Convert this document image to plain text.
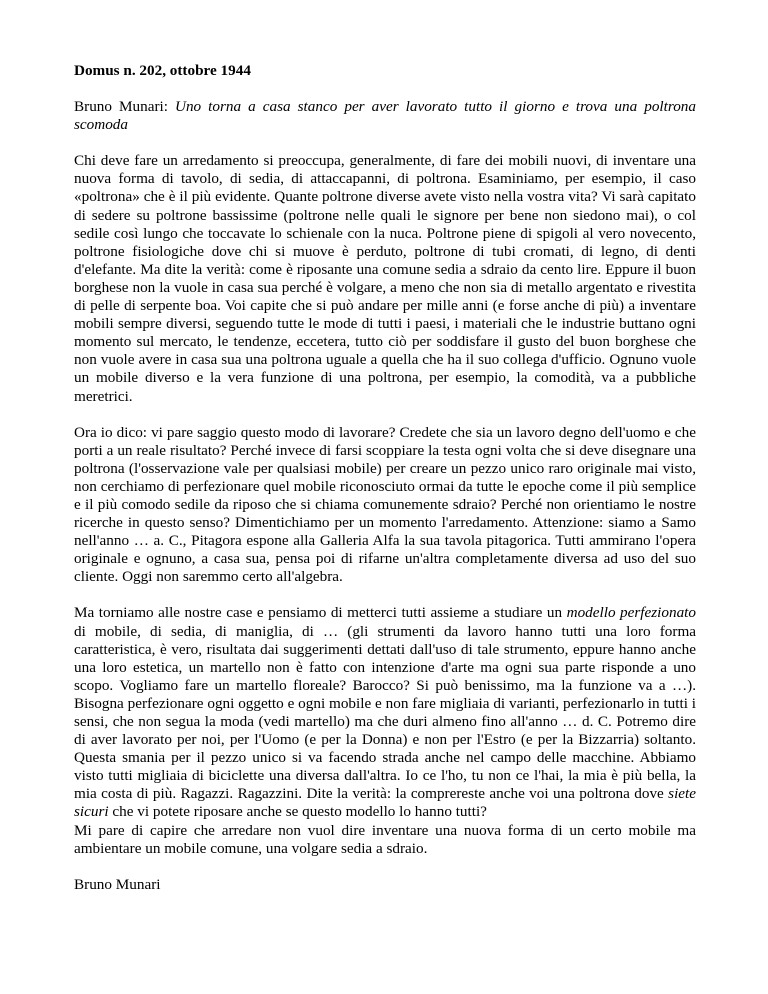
Domus n. 202, ottobre 1944

Bruno Munari: Uno torna a casa stanco per aver lavorato tutto il giorno e trova una poltrona scomoda

Chi deve fare un arredamento si preoccupa, generalmente, di fare dei mobili nuovi, di inventare una nuova forma di tavolo, di sedia, di attaccapanni, di poltrona. Esaminiamo, per esempio, il caso «poltrona» che è il più evidente. Quante poltrone diverse avete visto nella vostra vita? Vi sarà capitato di sedere su poltrone bassissime (poltrone nelle quali le signore per bene non siedono mai), o col sedile così lungo che toccavate lo schienale con la nuca. Poltrone piene di spigoli al vero novecento, poltrone fisiologiche dove chi si muove è perduto, poltrone di tubi cromati, di legno, di denti d'elefante. Ma dite la verità: come è riposante una comune sedia a sdraio da cento lire. Eppure il buon borghese non la vuole in casa sua perché è volgare, a meno che non sia di metallo argentato e rivestita di pelle di serpente boa. Voi capite che si può andare per mille anni (e forse anche di più) a inventare mobili sempre diversi, seguendo tutte le mode di tutti i paesi, i materiali che le industrie buttano ogni momento sul mercato, le tendenze, eccetera, tutto ciò per soddisfare il gusto del buon borghese che non vuole avere in casa sua una poltrona uguale a quella che ha il suo collega d'ufficio. Ognuno vuole un mobile diverso e la vera funzione di una poltrona, per esempio, la comodità, va a pubbliche meretrici.

Ora io dico: vi pare saggio questo modo di lavorare? Credete che sia un lavoro degno dell'uomo e che porti a un reale risultato? Perché invece di farsi scoppiare la testa ogni volta che si deve disegnare una poltrona (l'osservazione vale per qualsiasi mobile) per creare un pezzo unico raro originale mai visto, non cerchiamo di perfezionare quel mobile riconosciuto ormai da tutte le epoche come il più semplice e il più comodo sedile da riposo che si chiama comunemente sdraio? Perché non orientiamo le nostre ricerche in questo senso? Dimentichiamo per un momento l'arredamento. Attenzione: siamo a Samo nell'anno … a. C., Pitagora espone alla Galleria Alfa la sua tavola pitagorica. Tutti ammirano l'opera originale e ognuno, a casa sua, pensa poi di rifarne un'altra completamente diversa ad uso del suo cliente. Oggi non saremmo certo all'algebra.

Ma torniamo alle nostre case e pensiamo di metterci tutti assieme a studiare un modello perfezionato di mobile, di sedia, di maniglia, di … (gli strumenti da lavoro hanno tutti una loro forma caratteristica, è vero, risultata dai suggerimenti dettati dall'uso di tale strumento, eppure hanno anche una loro estetica, un martello non è fatto con intenzione d'arte ma ogni sua parte risponde a uno scopo. Vogliamo fare un martello floreale? Barocco? Si può benissimo, ma la funzione va a …). Bisogna perfezionare ogni oggetto e ogni mobile e non fare migliaia di varianti, perfezionarlo in tutti i sensi, che non segua la moda (vedi martello) ma che duri almeno fino all'anno … d. C. Potremo dire di aver lavorato per noi, per l'Uomo (e per la Donna) e non per l'Estro (e per la Bizzarria) soltanto. Questa smania per il pezzo unico si va facendo strada anche nel campo delle macchine. Abbiamo visto tutti migliaia di biciclette una diversa dall'altra. Io ce l'ho, tu non ce l'hai, la mia è più bella, la mia costa di più. Ragazzi. Ragazzini. Dite la verità: la comprereste anche voi una poltrona dove siete sicuri che vi potete riposare anche se questo modello lo hanno tutti?

Mi pare di capire che arredare non vuol dire inventare una nuova forma di un certo mobile ma ambientare un mobile comune, una volgare sedia a sdraio.

Bruno Munari
